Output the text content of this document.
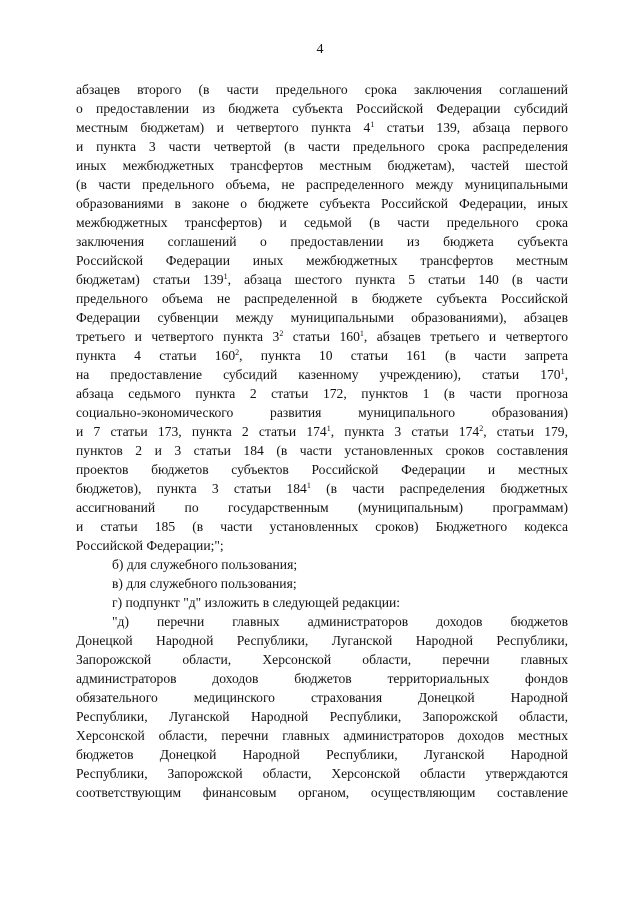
4
абзацев второго (в части предельного срока заключения соглашений
о предоставлении из бюджета субъекта Российской Федерации субсидий
местным бюджетам) и четвертого пункта $4^1$ статьи 139, абзаца первого
и пункта 3 части четвертой (в части предельного срока распределения
иных межбюджетных трансфертов местным бюджетам), частей шестой
(в части предельного объема, не распределенного между муниципальными
образованиями в законе о бюджете субъекта Российской Федерации, иных
межбюджетных трансфертов) и седьмой (в части предельного срока
заключения соглашений о предоставлении из бюджета субъекта
Российской Федерации иных межбюджетных трансфертов местным
бюджетам) статьи $139^1$, абзаца шестого пункта 5 статьи 140 (в части
предельного объема не распределенной в бюджете субъекта Российской
Федерации субвенции между муниципальными образованиями), абзацев
третьего и четвертого пункта $3^2$ статьи $160^1$, абзацев третьего и четвертого
пункта 4 статьи $160^2$, пункта 10 статьи 161 (в части запрета
на предоставление субсидий казенному учреждению), статьи $170^1$,
абзаца седьмого пункта 2 статьи 172, пунктов 1 (в части прогноза
социально-экономического развития муниципального образования)
и 7 статьи 173, пункта 2 статьи $174^1$, пункта 3 статьи $174^2$, статьи 179,
пунктов 2 и 3 статьи 184 (в части установленных сроков составления
проектов бюджетов субъектов Российской Федерации и местных
бюджетов), пункта 3 статьи $184^1$ (в части распределения бюджетных
ассигнований по государственным (муниципальным) программам)
и статьи 185 (в части установленных сроков) Бюджетного кодекса
Российской Федерации;";
б) для служебного пользования;
в) для служебного пользования;
г) подпункт "д" изложить в следующей редакции:
"д) перечни главных администраторов доходов бюджетов
Донецкой Народной Республики, Луганской Народной Республики,
Запорожской области, Херсонской области, перечни главных
администраторов доходов бюджетов территориальных фондов
обязательного медицинского страхования Донецкой Народной
Республики, Луганской Народной Республики, Запорожской области,
Херсонской области, перечни главных администраторов доходов местных
бюджетов Донецкой Народной Республики, Луганской Народной
Республики, Запорожской области, Херсонской области утверждаются
соответствующим финансовым органом, осуществляющим составление
